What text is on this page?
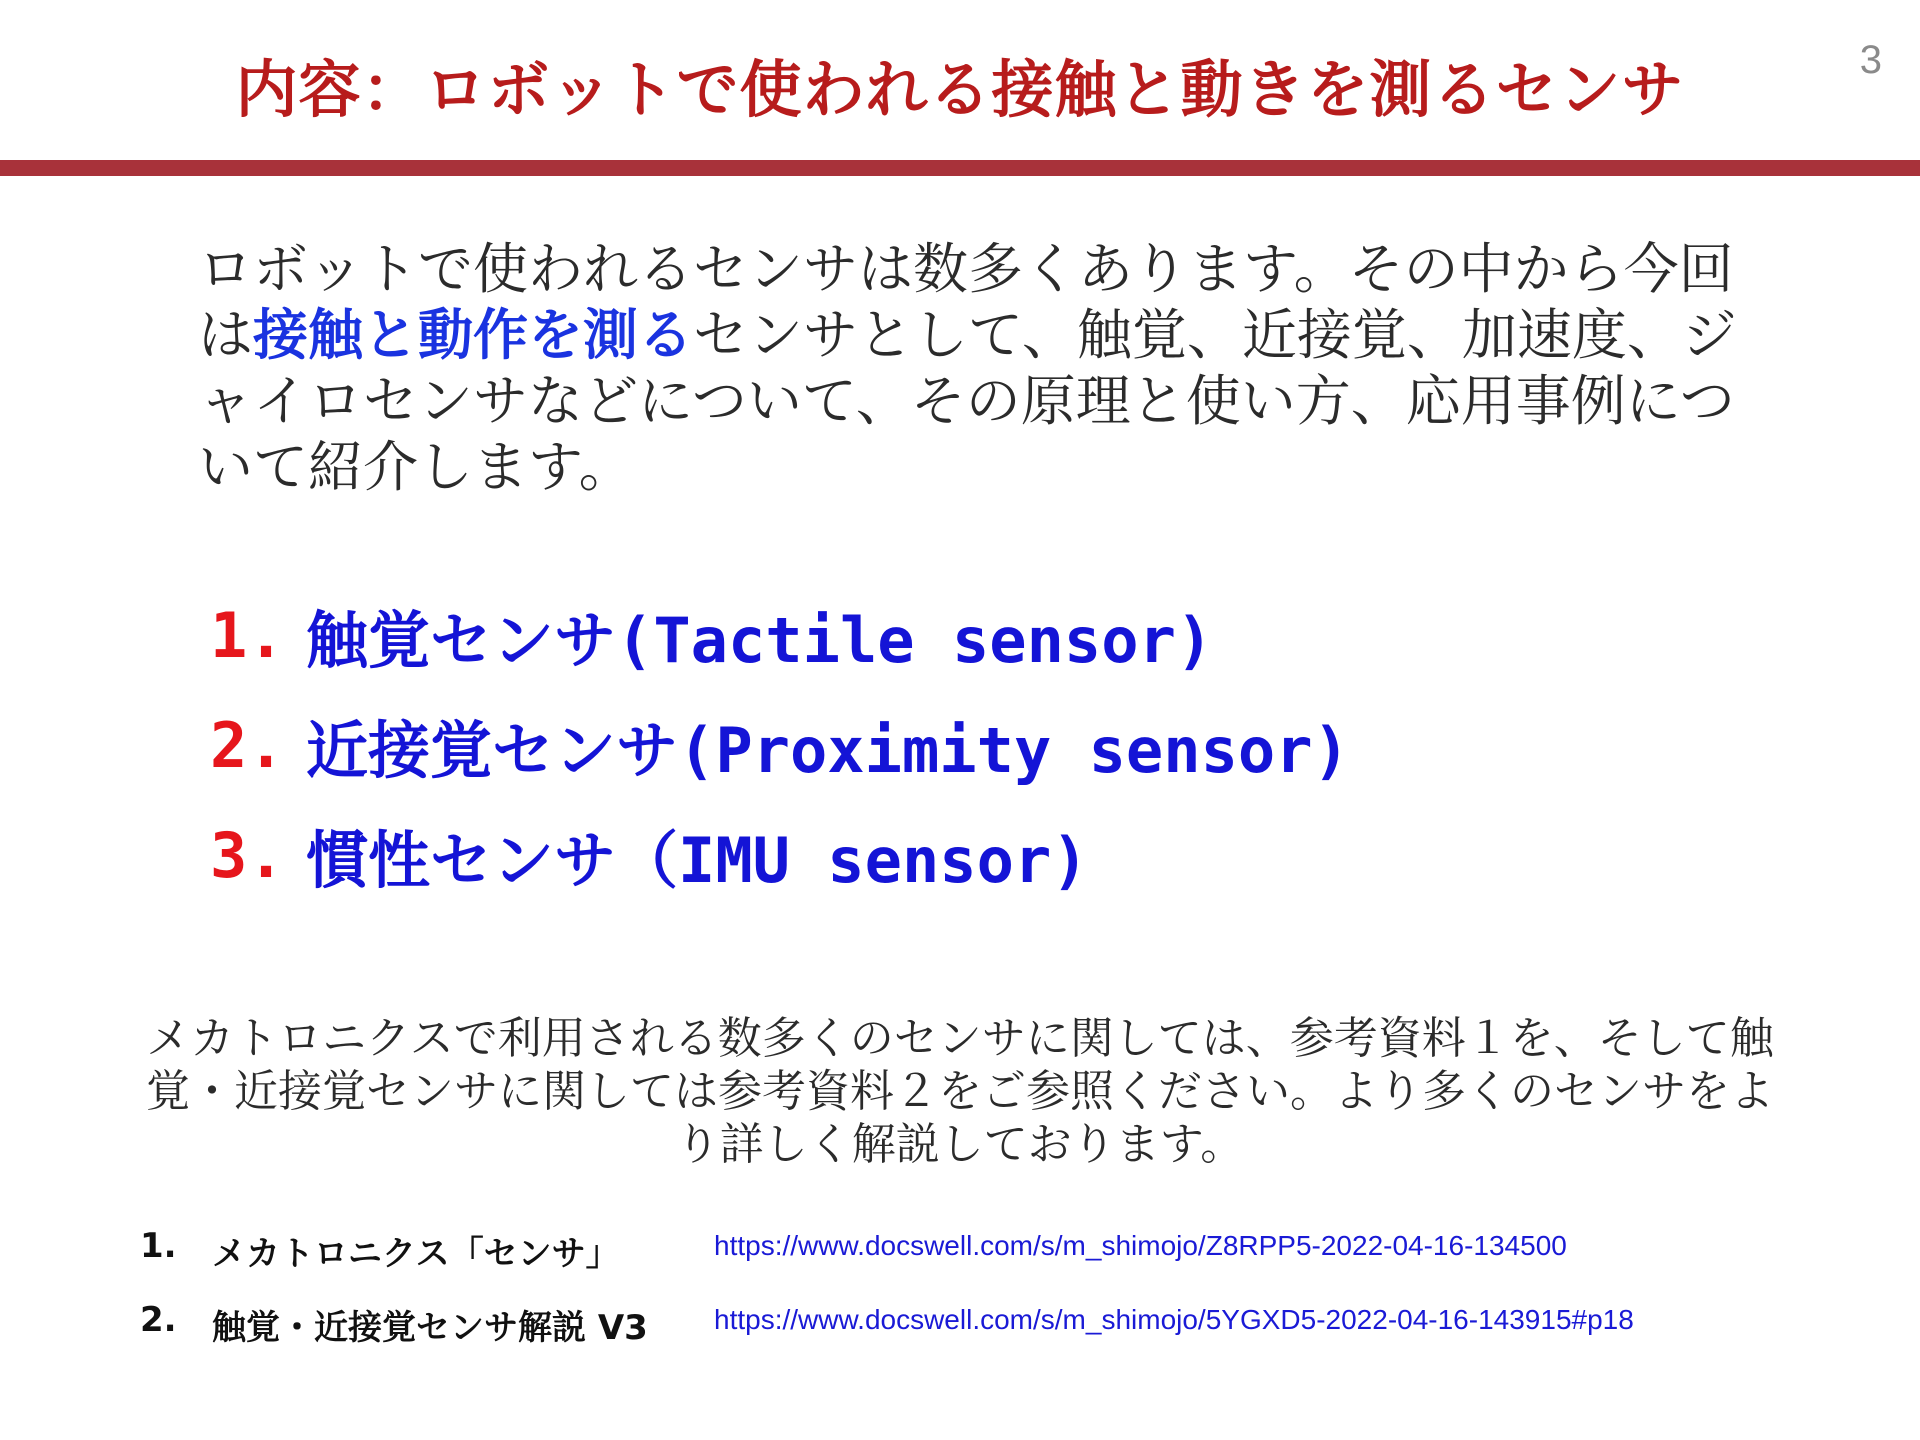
内容：ロボットで使われる接触と動きを測るセンサ	3
ロボットで使われるセンサは数多くあります。その中から今回は接触と動作を測るセンサとして、触覚、近接覚、加速度、ジャイロセンサなどについて、その原理と使い方、応用事例について紹介します。
1. 触覚センサ(Tactile sensor)
2. 近接覚センサ(Proximity sensor)
3. 慣性センサ（IMU sensor)
メカトロニクスで利用される数多くのセンサに関しては、参考資料１を、そして触覚・近接覚センサに関しては参考資料２をご参照ください。より多くのセンサをより詳しく解説しております。
1. メカトロニクス「センサ」	https://www.docswell.com/s/m_shimojo/Z8RPP5-2022-04-16-134500
2. 触覚・近接覚センサ解説 V3 https://www.docswell.com/s/m_shimojo/5YGXD5-2022-04-16-143915#p18
